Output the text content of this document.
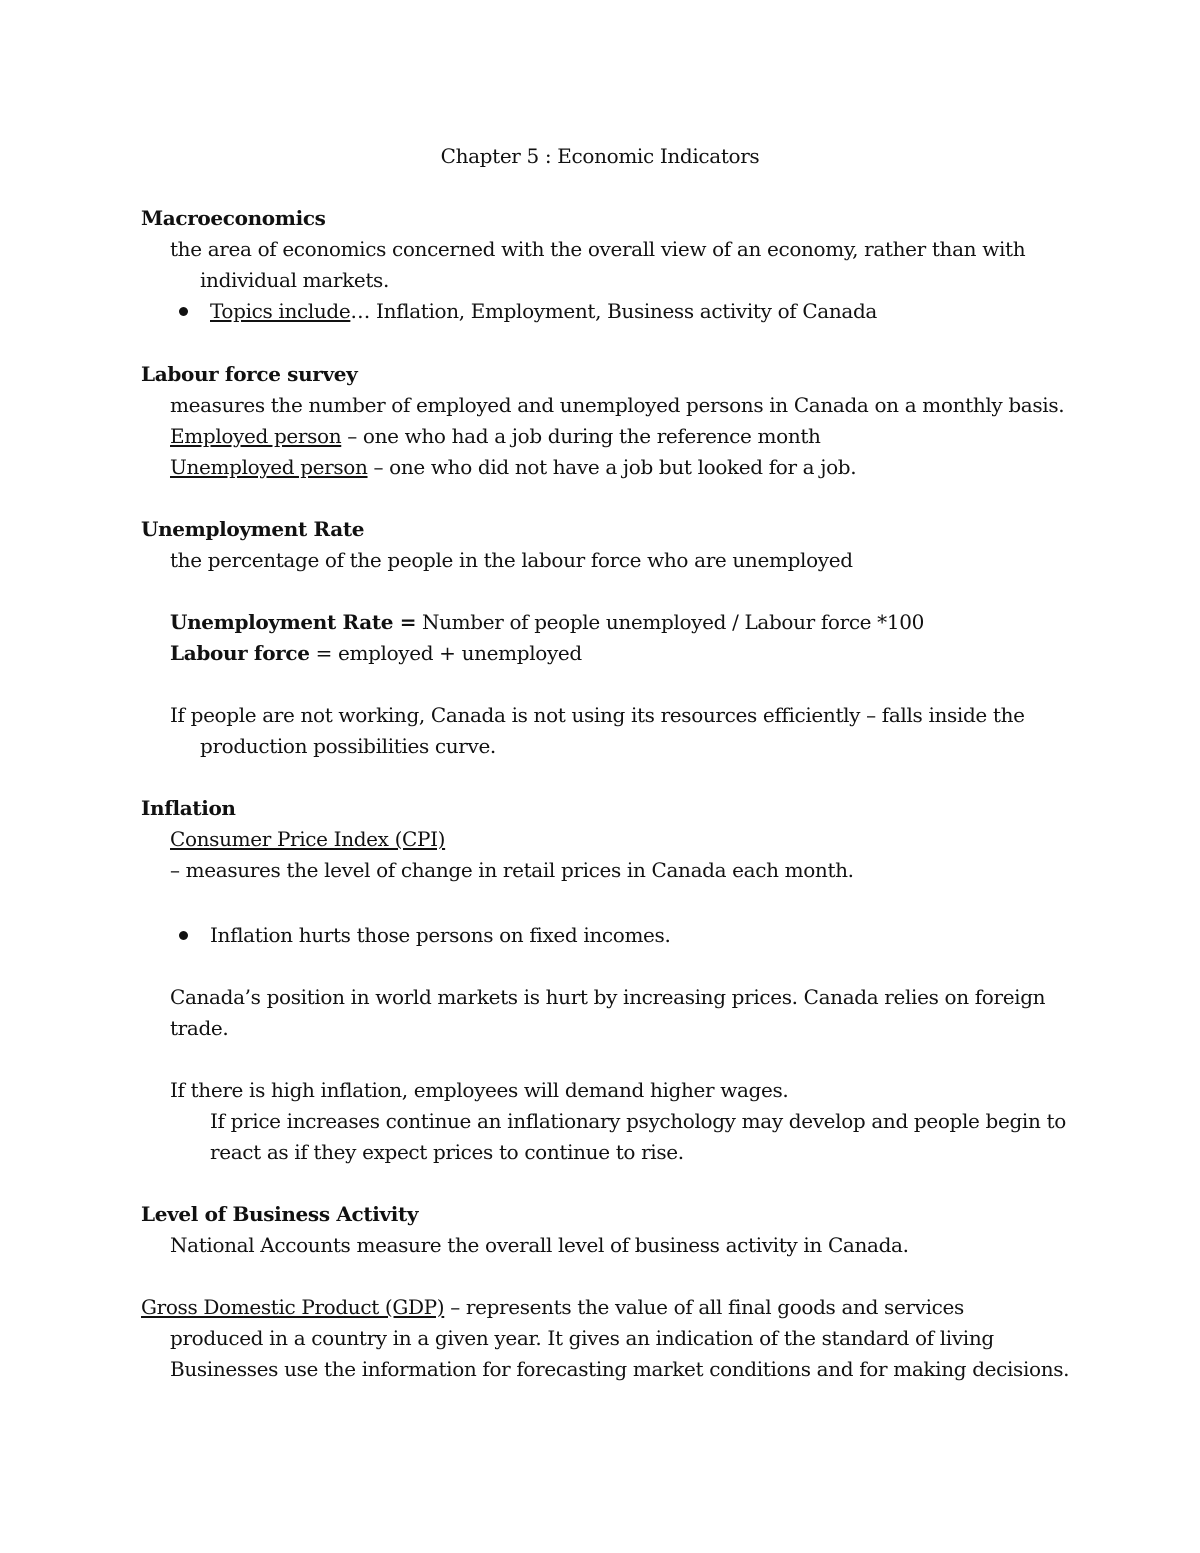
Chapter 5 : Economic Indicators
Macroeconomics
the area of economics concerned with the overall view of an economy, rather than with
individual markets.
Topics include… Inflation, Employment, Business activity of Canada
Labour force survey
measures the number of employed and unemployed persons in Canada on a monthly basis.
Employed person – one who had a job during the reference month
Unemployed person – one who did not have a job but looked for a job.
Unemployment Rate
the percentage of the people in the labour force who are unemployed
Unemployment Rate = Number of people unemployed / Labour force *100
Labour force = employed + unemployed
If people are not working, Canada is not using its resources efficiently – falls inside the
production possibilities curve.
Inflation
Consumer Price Index (CPI)
– measures the level of change in retail prices in Canada each month.
Inflation hurts those persons on fixed incomes.
Canada’s position in world markets is hurt by increasing prices. Canada relies on foreign
trade.
If there is high inflation, employees will demand higher wages.
If price increases continue an inflationary psychology may develop and people begin to
react as if they expect prices to continue to rise.
Level of Business Activity
National Accounts measure the overall level of business activity in Canada.
Gross Domestic Product (GDP) – represents the value of all final goods and services
produced in a country in a given year. It gives an indication of the standard of living
Businesses use the information for forecasting market conditions and for making decisions.
